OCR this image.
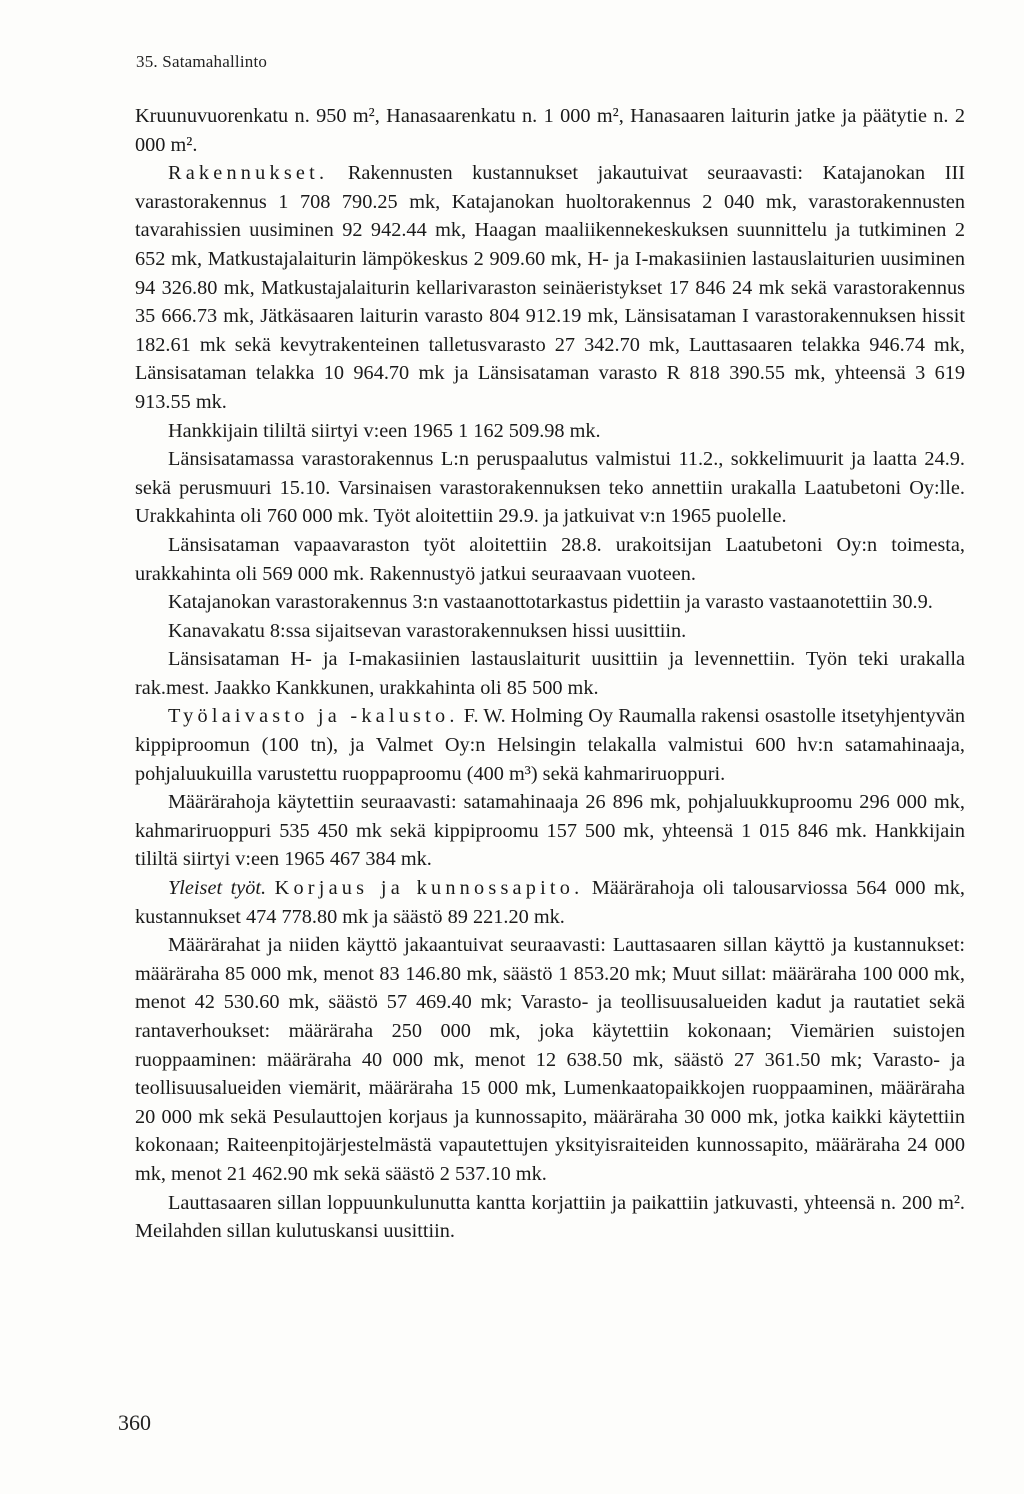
35. Satamahallinto

Kruunuvuorenkatu n. 950 m², Hanasaarenkatu n. 1 000 m², Hanasaaren laiturin jatke ja päätytie n. 2 000 m².

Rakennukset. Rakennusten kustannukset jakautuivat seuraavasti: Katajanokan III varastorakennus 1 708 790.25 mk, Katajanokan huoltorakennus 2 040 mk, varastorakennusten tavarahissien uusiminen 92 942.44 mk, Haagan maaliikennekeskuksen suunnittelu ja tutkiminen 2 652 mk, Matkustajalaiturin lämpökeskus 2 909.60 mk, H- ja I-makasiinien lastauslaiturien uusiminen 94 326.80 mk, Matkustajalaiturin kellarivaraston seinäeristykset 17 846 24 mk sekä varastorakennus 35 666.73 mk, Jätkäsaaren laiturin varasto 804 912.19 mk, Länsisataman I varastorakennuksen hissit 182.61 mk sekä kevytrakenteinen talletusvarasto 27 342.70 mk, Lauttasaaren telakka 946.74 mk, Länsisataman telakka 10 964.70 mk ja Länsisataman varasto R 818 390.55 mk, yhteensä 3 619 913.55 mk.

Hankkijain tililtä siirtyi v:een 1965 1 162 509.98 mk.

Länsisatamassa varastorakennus L:n peruspaalutus valmistui 11.2., sokkelimuurit ja laatta 24.9. sekä perusmuuri 15.10. Varsinaisen varastorakennuksen teko annettiin urakalla Laatubetoni Oy:lle. Urakkahinta oli 760 000 mk. Työt aloitettiin 29.9. ja jatkuivat v:n 1965 puolelle.

Länsisataman vapaavaraston työt aloitettiin 28.8. urakoitsijan Laatubetoni Oy:n toimesta, urakkahinta oli 569 000 mk. Rakennustyö jatkui seuraavaan vuoteen.

Katajanokan varastorakennus 3:n vastaanottotarkastus pidettiin ja varasto vastaanotettiin 30.9.

Kanavakatu 8:ssa sijaitsevan varastorakennuksen hissi uusittiin.

Länsisataman H- ja I-makasiinien lastauslaiturit uusittiin ja levennettiin. Työn teki urakalla rak.mest. Jaakko Kankkunen, urakkahinta oli 85 500 mk.

Työlaivasto ja -kalusto. F. W. Holming Oy Raumalla rakensi osastolle itsetyhjentyvän kippiproomun (100 tn), ja Valmet Oy:n Helsingin telakalla valmistui 600 hv:n satamahinaaja, pohjaluukuilla varustettu ruoppaproomu (400 m³) sekä kahmariruoppuri.

Määrärahoja käytettiin seuraavasti: satamahinaaja 26 896 mk, pohjaluukkuproomu 296 000 mk, kahmariruoppuri 535 450 mk sekä kippiproomu 157 500 mk, yhteensä 1 015 846 mk. Hankkijain tililtä siirtyi v:een 1965 467 384 mk.

Yleiset työt. Korjaus ja kunnossapito. Määrärahoja oli talousarviossa 564 000 mk, kustannukset 474 778.80 mk ja säästö 89 221.20 mk.

Määrärahat ja niiden käyttö jakaantuivat seuraavasti: Lauttasaaren sillan käyttö ja kustannukset: määräraha 85 000 mk, menot 83 146.80 mk, säästö 1 853.20 mk; Muut sillat: määräraha 100 000 mk, menot 42 530.60 mk, säästö 57 469.40 mk; Varasto- ja teollisuusalueiden kadut ja rautatiet sekä rantaverhoukset: määräraha 250 000 mk, joka käytettiin kokonaan; Viemärien suistojen ruoppaaminen: määräraha 40 000 mk, menot 12 638.50 mk, säästö 27 361.50 mk; Varasto- ja teollisuusalueiden viemärit, määräraha 15 000 mk, Lumenkaatopaikkojen ruoppaaminen, määräraha 20 000 mk sekä Pesulauttojen korjaus ja kunnossapito, määräraha 30 000 mk, jotka kaikki käytettiin kokonaan; Raiteenpitojärjestelmästä vapautettujen yksityisraiteiden kunnossapito, määräraha 24 000 mk, menot 21 462.90 mk sekä säästö 2 537.10 mk.

Lauttasaaren sillan loppuunkulunutta kantta korjattiin ja paikattiin jatkuvasti, yhteensä n. 200 m². Meilahden sillan kulutuskansi uusittiin.

360
